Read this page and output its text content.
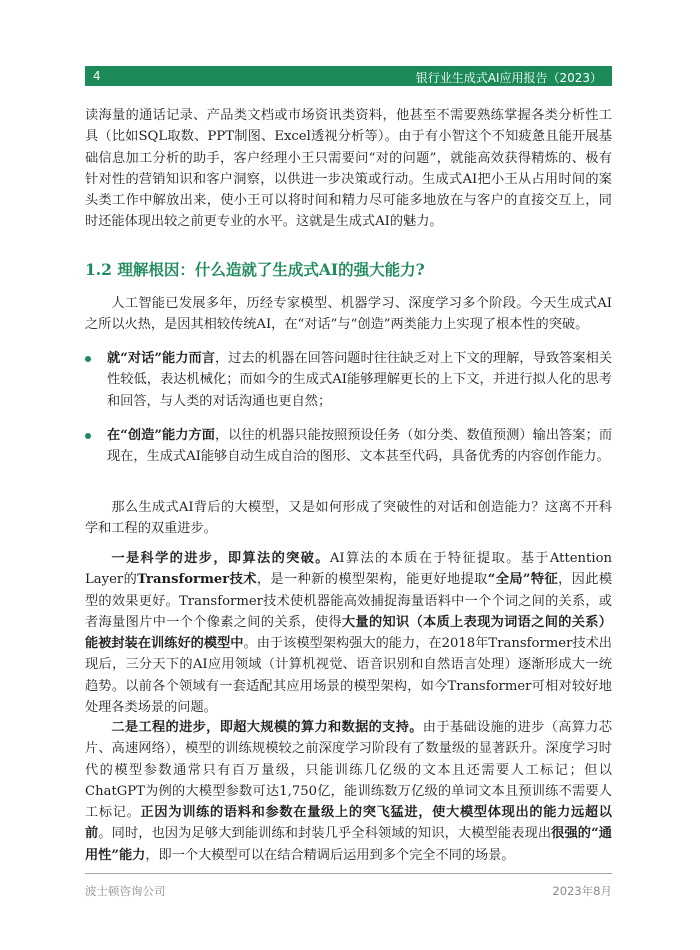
4	银行业生成式AI应用报告（2023）

读海量的通话记录、产品类文档或市场资讯类资料，他甚至不需要熟练掌握各类分析性工具（比如SQL取数、PPT制图、Excel透视分析等）。由于有小智这个不知疲惫且能开展基础信息加工分析的助手，客户经理小王只需要问“对的问题”，就能高效获得精炼的、极有针对性的营销知识和客户洞察，以供进一步决策或行动。生成式AI把小王从占用时间的案头类工作中解放出来，使小王可以将时间和精力尽可能多地放在与客户的直接交互上，同时还能体现出较之前更专业的水平。这就是生成式AI的魅力。

1.2 理解根因：什么造就了生成式AI的强大能力?

人工智能已发展多年，历经专家模型、机器学习、深度学习多个阶段。今天生成式AI之所以火热，是因其相较传统AI，在“对话”与“创造”两类能力上实现了根本性的突破。

就“对话”能力而言，过去的机器在回答问题时往往缺乏对上下文的理解，导致答案相关性较低，表达机械化；而如今的生成式AI能够理解更长的上下文，并进行拟人化的思考和回答，与人类的对话沟通也更自然；

在“创造”能力方面，以往的机器只能按照预设任务（如分类、数值预测）输出答案；而现在，生成式AI能够自动生成自洽的图形、文本甚至代码，具备优秀的内容创作能力。

那么生成式AI背后的大模型，又是如何形成了突破性的对话和创造能力？这离不开科学和工程的双重进步。

一是科学的进步，即算法的突破。AI算法的本质在于特征提取。基于Attention Layer的Transformer技术，是一种新的模型架构，能更好地提取“全局”特征，因此模型的效果更好。Transformer技术使机器能高效捕捉海量语料中一个个词之间的关系，或者海量图片中一个个像素之间的关系，使得大量的知识（本质上表现为词语之间的关系）能被封装在训练好的模型中。由于该模型架构强大的能力，在2018年Transformer技术出现后，三分天下的AI应用领域（计算机视觉、语音识别和自然语言处理）逐渐形成大一统趋势。以前各个领域有一套适配其应用场景的模型架构，如今Transformer可相对较好地处理各类场景的问题。

二是工程的进步，即超大规模的算力和数据的支持。由于基础设施的进步（高算力芯片、高速网络），模型的训练规模较之前深度学习阶段有了数量级的显著跃升。深度学习时代的模型参数通常只有百万量级，只能训练几亿级的文本且还需要人工标记；但以ChatGPT为例的大模型参数可达1,750亿，能训练数万亿级的单词文本且预训练不需要人工标记。正因为训练的语料和参数在量级上的突飞猛进，使大模型体现出的能力远超以前。同时，也因为足够大到能训练和封装几乎全科领域的知识，大模型能表现出很强的“通用性”能力，即一个大模型可以在结合精调后运用到多个完全不同的场景。

波士顿咨询公司	2023年8月
